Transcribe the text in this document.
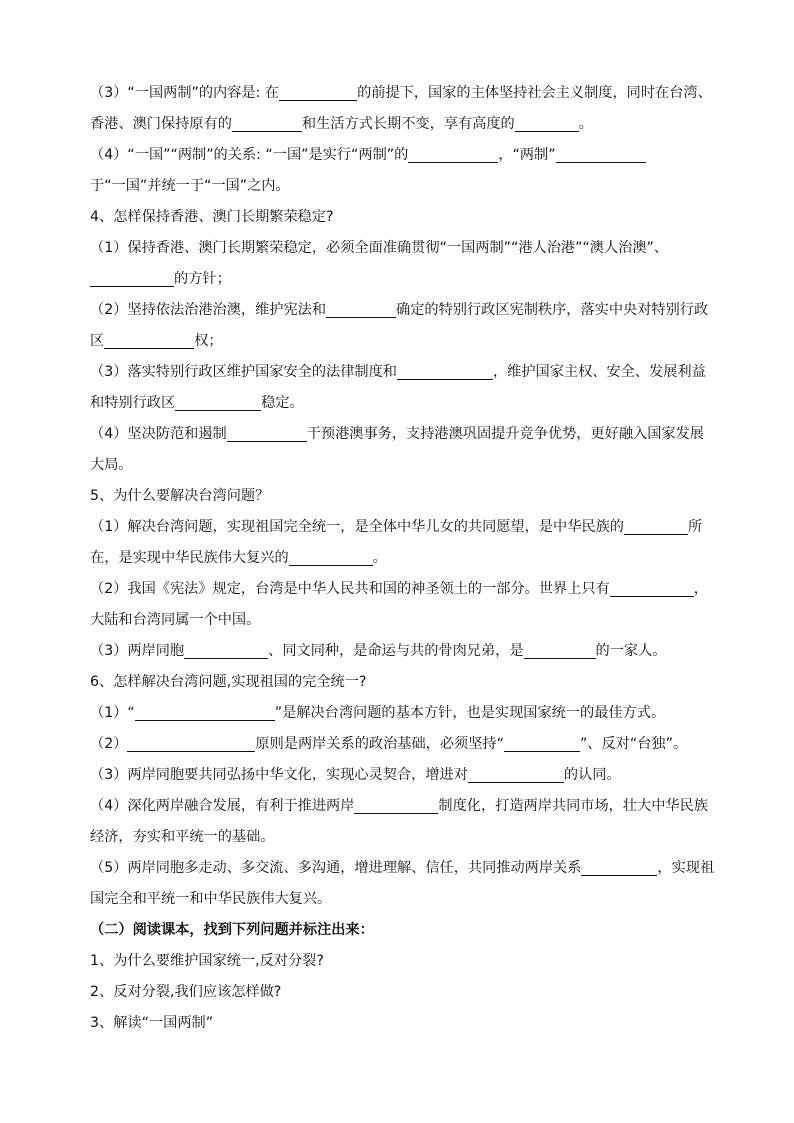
（3）“一国两制”的内容是: 在	的前提下，国家的主体坚持社会主义制度，同时在台湾、
香港、澳门保持原有的	和生活方式长期不变，享有高度的	。
（4）“一国”“两制”的关系: “一国”是实行“两制”的	，“两制”
于“一国”并统一于“一国”之内。
4、怎样保持香港、澳门长期繁荣稳定?
（1）保持香港、澳门长期繁荣稳定，必须全面准确贯彻“一国两制”“港人治港”“澳人治澳”、
的方针；
（2）坚持依法治港治澳，维护宪法和	确定的特别行政区宪制秩序，落实中央对特别行政
区	权；
（3）落实特别行政区维护国家安全的法律制度和	，维护国家主权、安全、发展利益
和特别行政区	稳定。
（4）坚决防范和遏制	干预港澳事务，支持港澳巩固提升竞争优势，更好融入国家发展
大局。
5、为什么要解决台湾问题？
（1）解决台湾问题，实现祖国完全统一，是全体中华儿女的共同愿望，是中华民族的	所
在，是实现中华民族伟大复兴的	。
（2）我国《宪法》规定，台湾是中华人民共和国的神圣领土的一部分。世界上只有	，
大陆和台湾同属一个中国。
（3）两岸同胞	、同文同种，是命运与共的骨肉兄弟，是	的一家人。
6、怎样解决台湾问题,实现祖国的完全统一?
（1）“	”是解决台湾问题的基本方针，也是实现国家统一的最佳方式。
（2）	原则是两岸关系的政治基础，必须坚持“	”、反对“台独”。
（3）两岸同胞要共同弘扬中华文化，实现心灵契合，增进对	的认同。
（4）深化两岸融合发展，有利于推进两岸	制度化，打造两岸共同市场，壮大中华民族
经济，夯实和平统一的基础。
（5）两岸同胞多走动、多交流、多沟通，增进理解、信任，共同推动两岸关系	，实现祖
国完全和平统一和中华民族伟大复兴。
（二）阅读课本，找到下列问题并标注出来：
1、为什么要维护国家统一,反对分裂?
2、反对分裂,我们应该怎样做?
3、解读“一国两制”
